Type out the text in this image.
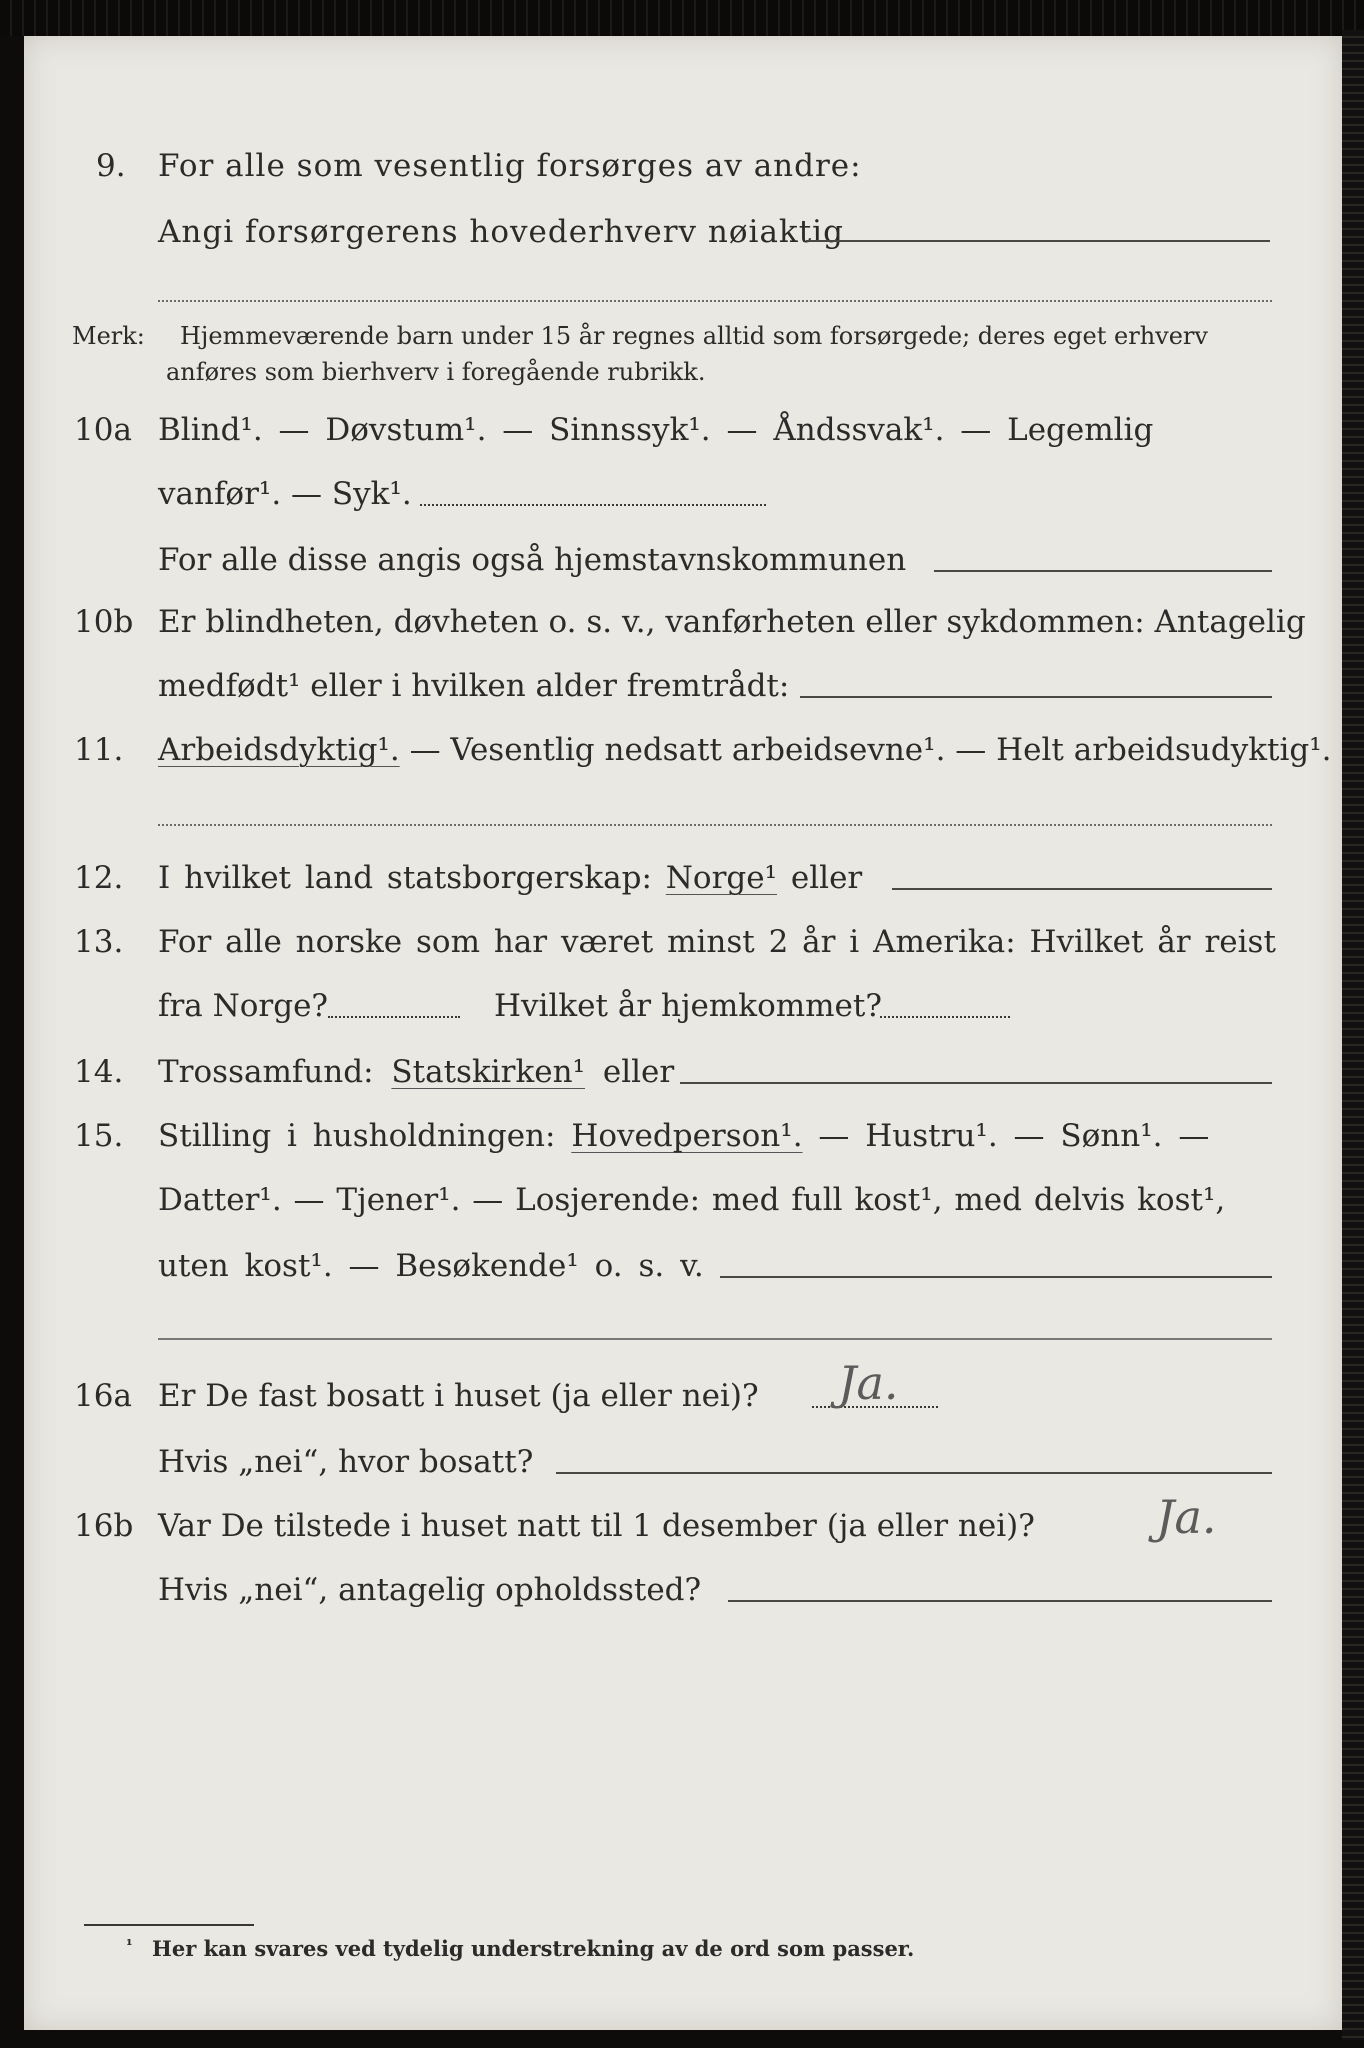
9. For alle som vesentlig forsørges av andre:
Angi forsørgerens hovederhverv nøiaktig
Merk: Hjemmeværende barn under 15 år regnes alltid som forsørgede; deres eget erhverv
anføres som bierhverv i foregående rubrikk.
10a Blind¹. — Døvstum¹. — Sinnssyk¹. — Åndssvak¹. — Legemlig
vanfør¹. — Syk¹.
For alle disse angis også hjemstavnskommunen
10b Er blindheten, døvheten o. s. v., vanførheten eller sykdommen: Antagelig
medfødt¹ eller i hvilken alder fremtrådt:
11. Arbeidsdyktig¹. — Vesentlig nedsatt arbeidsevne¹. — Helt arbeidsudyktig¹.
12. I hvilket land statsborgerskap: Norge¹ eller
13. For alle norske som har været minst 2 år i Amerika: Hvilket år reist
fra Norge?	Hvilket år hjemkommet?
14. Trossamfund: Statskirken¹ eller
15. Stilling i husholdningen: Hovedperson¹. — Hustru¹. — Sønn¹. —
Datter¹. — Tjener¹. — Losjerende: med full kost¹, med delvis kost¹,
uten kost¹. — Besøkende¹ o. s. v.
16a Er De fast bosatt i huset (ja eller nei)? Ja.
Hvis „nei“, hvor bosatt?
16b Var De tilstede i huset natt til 1 desember (ja eller nei)?	Ja.
Hvis „nei“, antagelig opholdssted?
¹ Her kan svares ved tydelig understrekning av de ord som passer.
